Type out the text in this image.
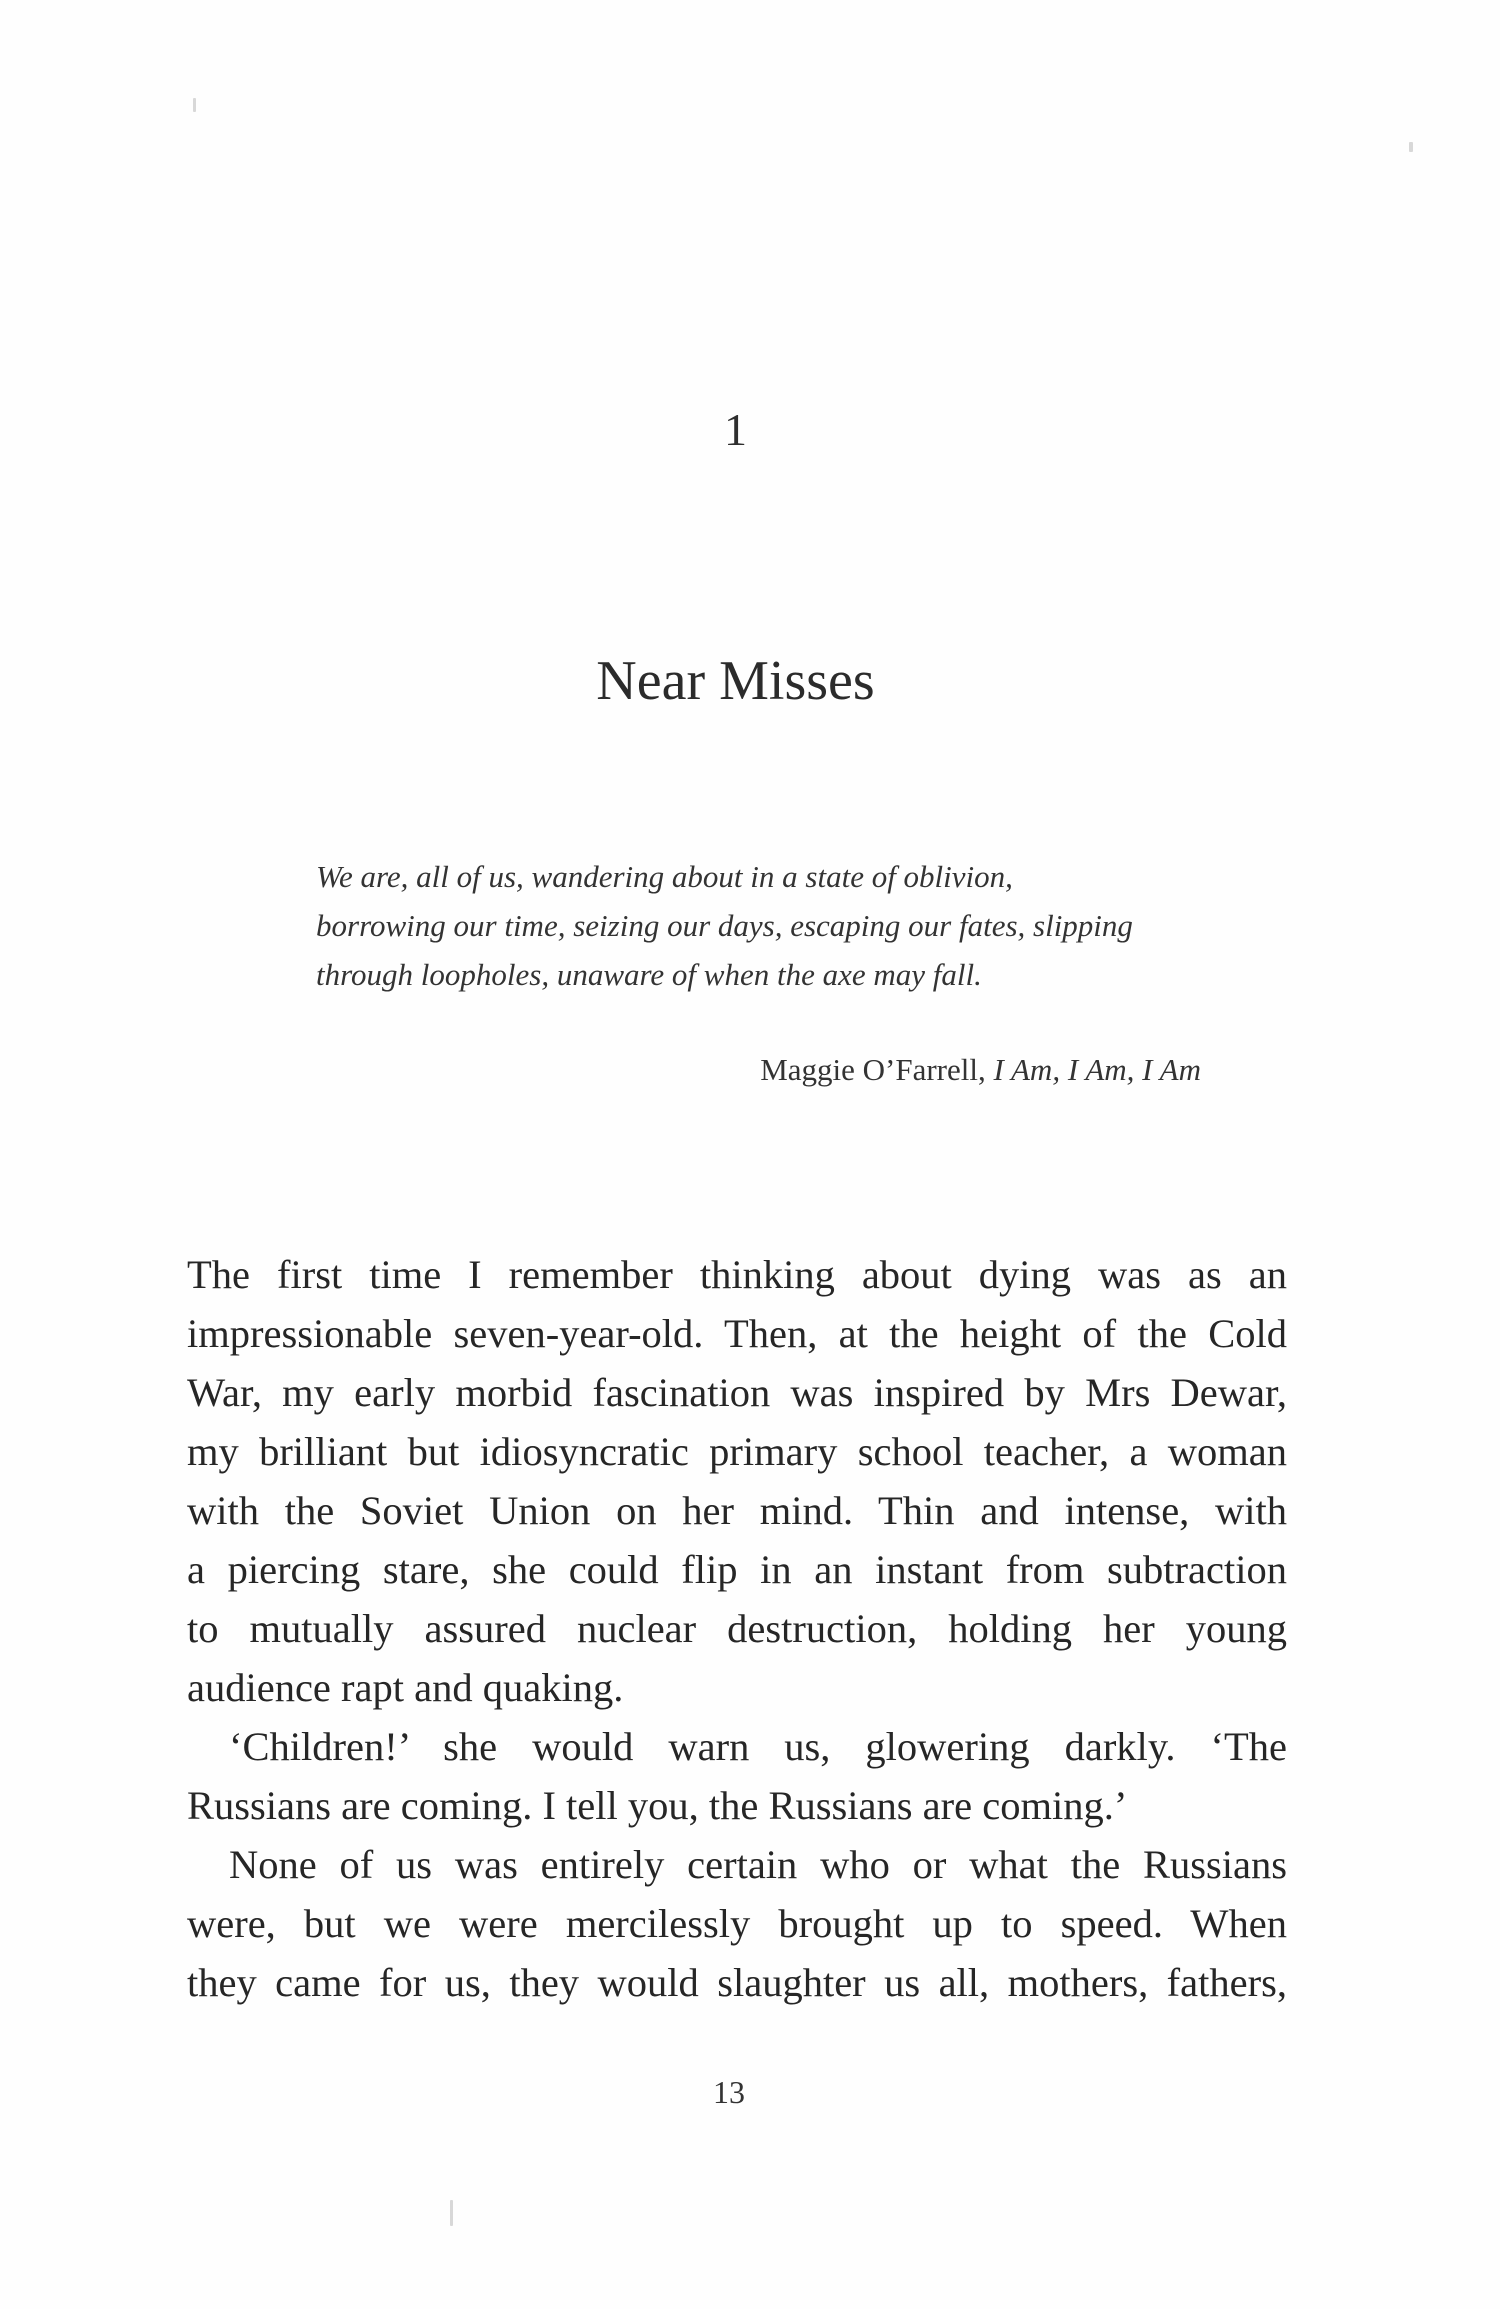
1
Near Misses
We are, all of us, wandering about in a state of oblivion,
borrowing our time, seizing our days, escaping our fates, slipping
through loopholes, unaware of when the axe may fall.
Maggie O’Farrell, I Am, I Am, I Am
The first time I remember thinking about dying was as an
impressionable seven-year-old. Then, at the height of the Cold
War, my early morbid fascination was inspired by Mrs Dewar,
my brilliant but idiosyncratic primary school teacher, a woman
with the Soviet Union on her mind. Thin and intense, with
a piercing stare, she could flip in an instant from subtraction
to mutually assured nuclear destruction, holding her young
audience rapt and quaking.
‘Children!’ she would warn us, glowering darkly. ‘The
Russians are coming. I tell you, the Russians are coming.’
None of us was entirely certain who or what the Russians
were, but we were mercilessly brought up to speed. When
they came for us, they would slaughter us all, mothers, fathers,
13
